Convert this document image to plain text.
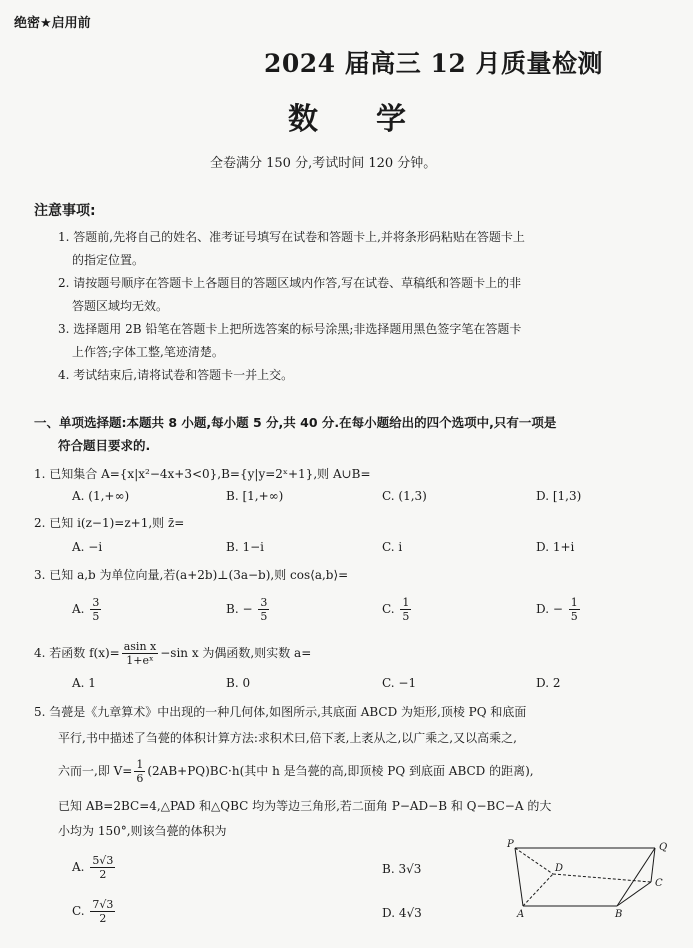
绝密★启用前
2024 届高三 12 月质量检测
数学
全卷满分 150 分,考试时间 120 分钟。
注意事项:
1. 答题前,先将自己的姓名、准考证号填写在试卷和答题卡上,并将条形码粘贴在答题卡上
的指定位置。
2. 请按题号顺序在答题卡上各题目的答题区域内作答,写在试卷、草稿纸和答题卡上的非
答题区域均无效。
3. 选择题用 2B 铅笔在答题卡上把所选答案的标号涂黑;非选择题用黑色签字笔在答题卡
上作答;字体工整,笔迹清楚。
4. 考试结束后,请将试卷和答题卡一并上交。
一、单项选择题:本题共 8 小题,每小题 5 分,共 40 分.在每小题给出的四个选项中,只有一项是
符合题目要求的.
1. 已知集合 A={x|x²−4x+3<0},B={y|y=2ˣ+1},则 A∪B=
A. (1,+∞)	B. [1,+∞)	C. (1,3)	D. [1,3)
2. 已知 i(z−1)=z+1,则 z̄=
A. −i	B. 1−i	C. i	D. 1+i
3. 已知 a,b 为单位向量,若(a+2b)⊥(3a−b),则 cos⟨a,b⟩=
A. $\frac{3}{5}$	B. − $\frac{3}{5}$	C. $\frac{1}{5}$	D. − $\frac{1}{5}$
4. 若函数 $f(x)= \frac{\text{asin x}}{\text{1+eˣ}} -\sin$ x 为偶函数,则实数 a=
A. 1	B. 0	C. −1	D. 2
5. 刍甍是《九章算术》中出现的一种几何体,如图所示,其底面 ABCD 为矩形,顶棱 PQ 和底面
平行,书中描述了刍甍的体积计算方法:求积术曰,倍下袤,上袤从之,以广乘之,又以高乘之,
六而一,即 $V= \frac{1}{6} (2AB+PQ)BC\cdot h$(其中 h 是刍甍的高,即顶棱 PQ 到底面 ABCD 的距离),
已知 AB=2BC=4,△PAD 和△QBC 均为等边三角形,若二面角 P−AD−B 和 Q−BC−A 的大
小均为 150°,则该刍甍的体积为
A. $\frac{5√3}{2}$	B. 3√3
C. $\frac{7√3}{2}$	D. 4√3
P	Q
D
C
A	B
